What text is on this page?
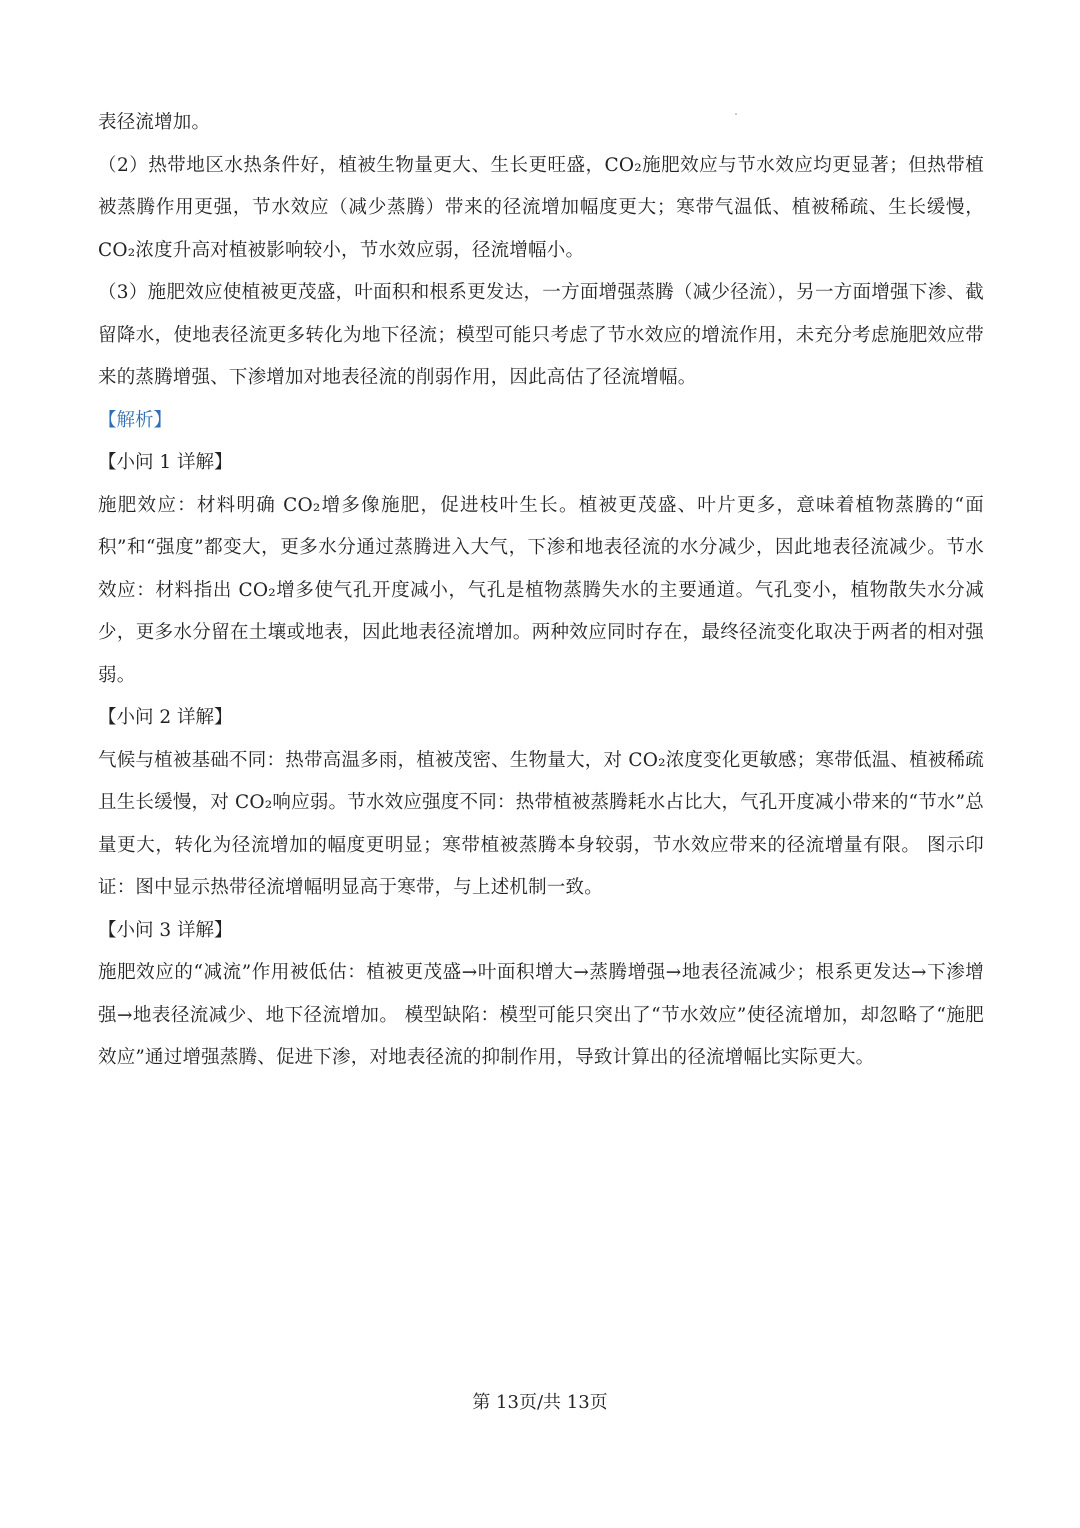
表径流增加。

（2）热带地区水热条件好，植被生物量更大、生长更旺盛，CO₂施肥效应与节水效应均更显著；但热带植被蒸腾作用更强，节水效应（减少蒸腾）带来的径流增加幅度更大；寒带气温低、植被稀疏、生长缓慢，CO₂浓度升高对植被影响较小，节水效应弱，径流增幅小。

（3）施肥效应使植被更茂盛，叶面积和根系更发达，一方面增强蒸腾（减少径流），另一方面增强下渗、截留降水，使地表径流更多转化为地下径流；模型可能只考虑了节水效应的增流作用，未充分考虑施肥效应带来的蒸腾增强、下渗增加对地表径流的削弱作用，因此高估了径流增幅。

【解析】

【小问 1 详解】

施肥效应：材料明确 CO₂增多像施肥，促进枝叶生长。植被更茂盛、叶片更多，意味着植物蒸腾的“面积”和“强度”都变大，更多水分通过蒸腾进入大气，下渗和地表径流的水分减少，因此地表径流减少。节水效应：材料指出 CO₂增多使气孔开度减小，气孔是植物蒸腾失水的主要通道。气孔变小，植物散失水分减少，更多水分留在土壤或地表，因此地表径流增加。两种效应同时存在，最终径流变化取决于两者的相对强弱。

【小问 2 详解】

气候与植被基础不同：热带高温多雨，植被茂密、生物量大，对 CO₂浓度变化更敏感；寒带低温、植被稀疏且生长缓慢，对 CO₂响应弱。节水效应强度不同：热带植被蒸腾耗水占比大，气孔开度减小带来的“节水”总量更大，转化为径流增加的幅度更明显；寒带植被蒸腾本身较弱，节水效应带来的径流增量有限。 图示印证：图中显示热带径流增幅明显高于寒带，与上述机制一致。

【小问 3 详解】

施肥效应的“减流”作用被低估：植被更茂盛→叶面积增大→蒸腾增强→地表径流减少；根系更发达→下渗增强→地表径流减少、地下径流增加。 模型缺陷：模型可能只突出了“节水效应”使径流增加，却忽略了“施肥效应”通过增强蒸腾、促进下渗，对地表径流的抑制作用，导致计算出的径流增幅比实际更大。

第 13页/共 13页
